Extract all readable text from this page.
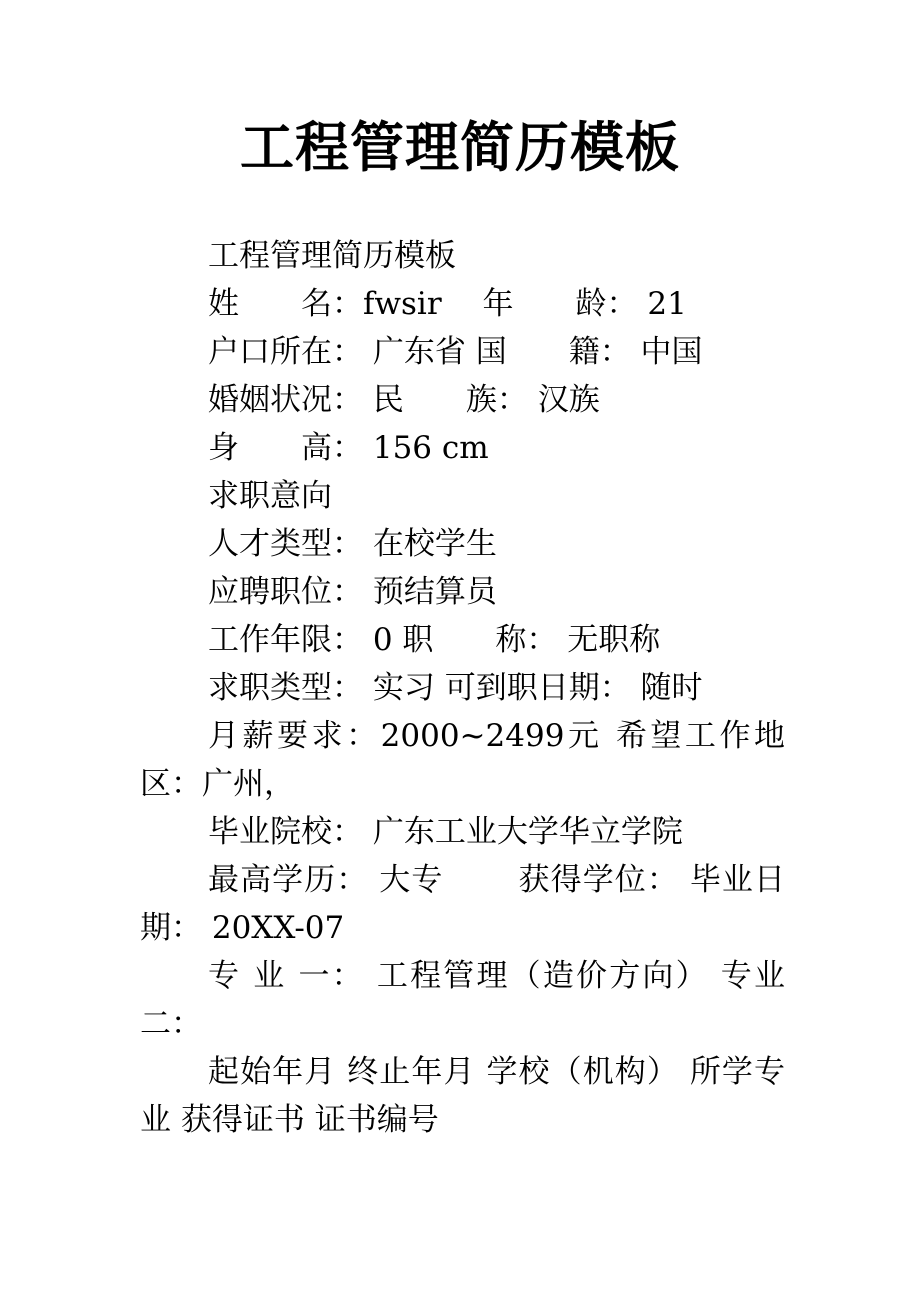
工程管理简历模板

工程管理简历模板

姓　　名：fwsir　 年　　龄： 21

户口所在： 广东省 国　　籍： 中国

婚姻状况： 民　　族： 汉族

身　　高： 156 cm

求职意向

人才类型： 在校学生

应聘职位： 预结算员

工作年限： 0 职　　称： 无职称

求职类型： 实习 可到职日期： 随时

月薪要求：2000~2499元 希望工作地区：广州，

毕业院校： 广东工业大学华立学院

最高学历： 大专　　 获得学位： 毕业日期： 20XX-07

专 业 一： 工程管理（造价方向） 专业 二：

起始年月 终止年月 学校（机构） 所学专业 获得证书 证书编号
